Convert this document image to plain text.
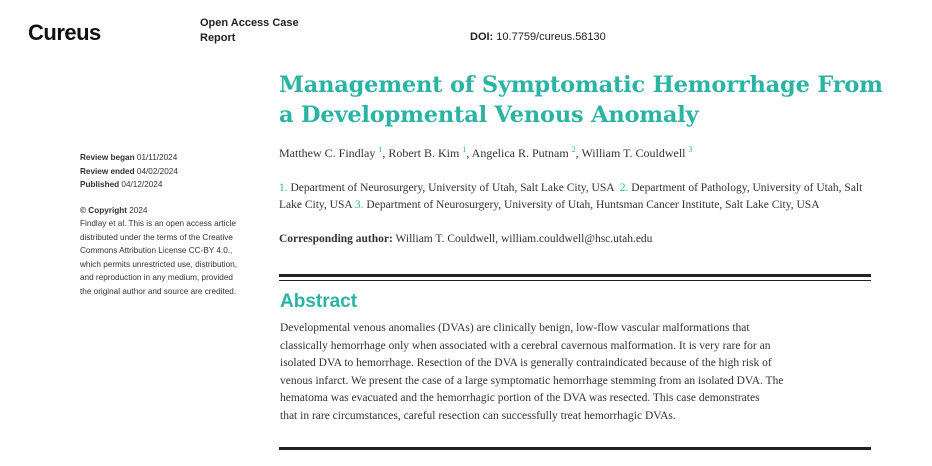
Cureus	Open Access Case
Report	DOI: 10.7759/cureus.58130
Management of Symptomatic Hemorrhage From a Developmental Venous Anomaly
Matthew C. Findlay $^1$, Robert B. Kim $^1$, Angelica R. Putnam $^2$, William T. Couldwell $^3$
1. Department of Neurosurgery, University of Utah, Salt Lake City, USA 2. Department of Pathology, University of Utah, Salt Lake City, USA 3. Department of Neurosurgery, University of Utah, Huntsman Cancer Institute, Salt Lake City, USA
Corresponding author: William T. Couldwell, william.couldwell@hsc.utah.edu
Review began 01/11/2024
Review ended 04/02/2024
Published 04/12/2024
© Copyright 2024
Findlay et al. This is an open access article
distributed under the terms of the Creative
Commons Attribution License CC-BY 4.0.,
which permits unrestricted use, distribution,
and reproduction in any medium, provided
the original author and source are credited.	Abstract
Developmental venous anomalies (DVAs) are clinically benign, low-flow vascular malformations that
classically hemorrhage only when associated with a cerebral cavernous malformation. It is very rare for an
isolated DVA to hemorrhage. Resection of the DVA is generally contraindicated because of the high risk of
venous infarct. We present the case of a large symptomatic hemorrhage stemming from an isolated DVA. The
hematoma was evacuated and the hemorrhagic portion of the DVA was resected. This case demonstrates
that in rare circumstances, careful resection can successfully treat hemorrhagic DVAs.
